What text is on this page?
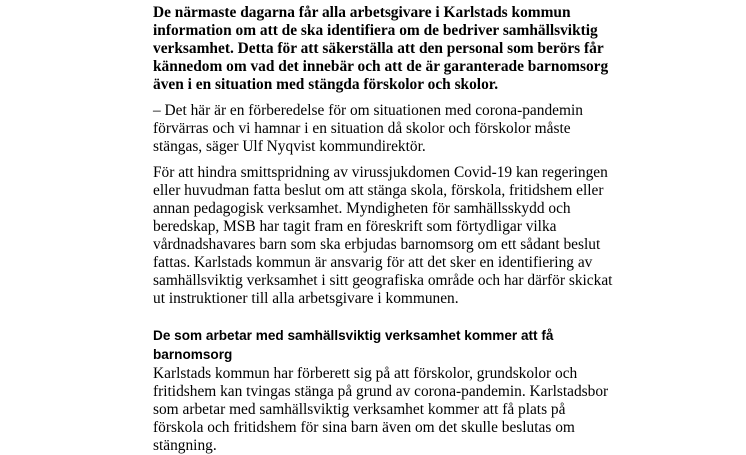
De närmaste dagarna får alla arbetsgivare i Karlstads kommun information om att de ska identifiera om de bedriver samhällsviktig verksamhet. Detta för att säkerställa att den personal som berörs får kännedom om vad det innebär och att de är garanterade barnomsorg även i en situation med stängda förskolor och skolor.

– Det här är en förberedelse för om situationen med corona-pandemin förvärras och vi hamnar i en situation då skolor och förskolor måste stängas, säger Ulf Nyqvist kommundirektör.

För att hindra smittspridning av virussjukdomen Covid-19 kan regeringen eller huvudman fatta beslut om att stänga skola, förskola, fritidshem eller annan pedagogisk verksamhet. Myndigheten för samhällsskydd och beredskap, MSB har tagit fram en föreskrift som förtydligar vilka vårdnadshavares barn som ska erbjudas barnomsorg om ett sådant beslut fattas. Karlstads kommun är ansvarig för att det sker en identifiering av samhällsviktig verksamhet i sitt geografiska område och har därför skickat ut instruktioner till alla arbetsgivare i kommunen.

De som arbetar med samhällsviktig verksamhet kommer att få barnomsorg

Karlstads kommun har förberett sig på att förskolor, grundskolor och fritidshem kan tvingas stänga på grund av corona-pandemin. Karlstadsbor som arbetar med samhällsviktig verksamhet kommer att få plats på förskola och fritidshem för sina barn även om det skulle beslutas om stängning.
